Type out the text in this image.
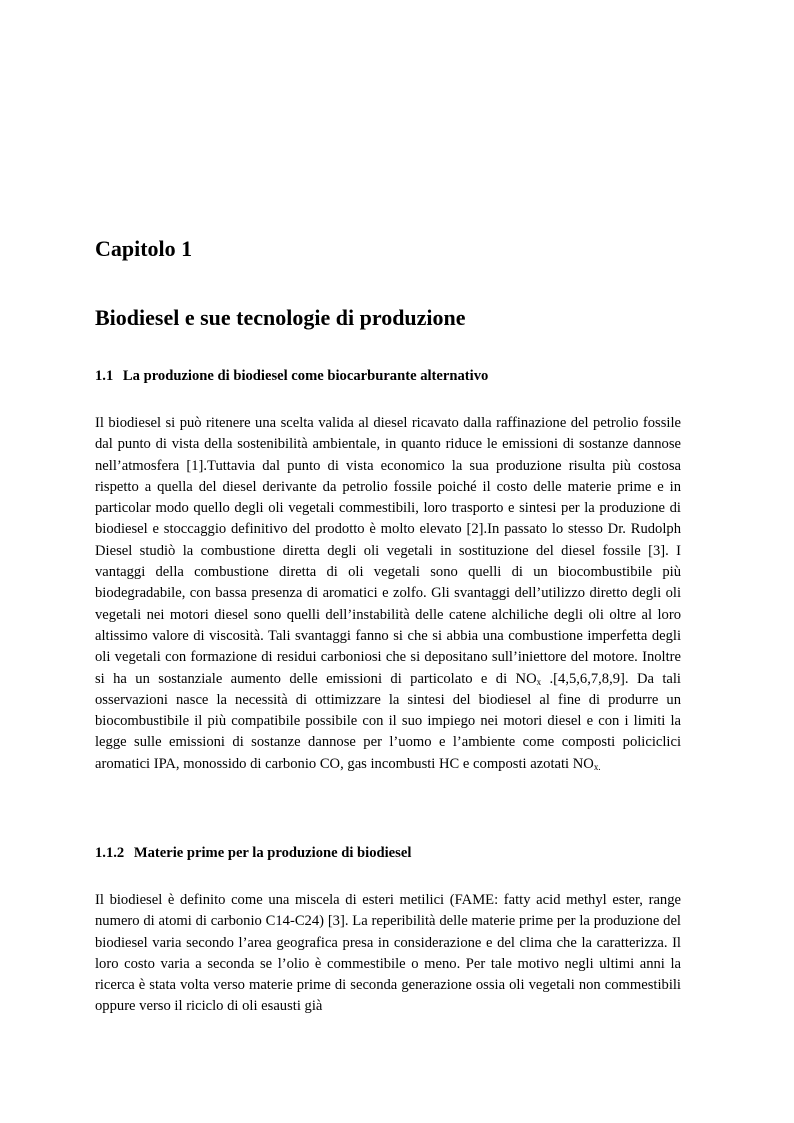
Capitolo 1
Biodiesel e sue tecnologie di produzione
1.1 La produzione di biodiesel come biocarburante alternativo

Il biodiesel si può ritenere una scelta valida al diesel ricavato dalla raffinazione del petrolio fossile dal punto di vista della sostenibilità ambientale, in quanto riduce le emissioni di sostanze dannose nell’atmosfera [1].Tuttavia dal punto di vista economico la sua produzione risulta più costosa rispetto a quella del diesel derivante da petrolio fossile poiché il costo delle materie prime e in particolar modo quello degli oli vegetali commestibili, loro trasporto e sintesi per la produzione di biodiesel e stoccaggio definitivo del prodotto è molto elevato [2].In passato lo stesso Dr. Rudolph Diesel studiò la combustione diretta degli oli vegetali in sostituzione del diesel fossile [3]. I vantaggi della combustione diretta di oli vegetali sono quelli di un biocombustibile più biodegradabile, con bassa presenza di aromatici e zolfo. Gli svantaggi dell’utilizzo diretto degli oli vegetali nei motori diesel sono quelli dell’instabilità delle catene alchiliche degli oli oltre al loro altissimo valore di viscosità. Tali svantaggi fanno si che si abbia una combustione imperfetta degli oli vegetali con formazione di residui carboniosi che si depositano sull’iniettore del motore. Inoltre si ha un sostanziale aumento delle emissioni di particolato e di $NO_x$ .[4,5,6,7,8,9]. Da tali osservazioni nasce la necessità di ottimizzare la sintesi del biodiesel al fine di produrre un biocombustibile il più compatibile possibile con il suo impiego nei motori diesel e con i limiti la legge sulle emissioni di sostanze dannose per l’uomo e l’ambiente come composti policiclici aromatici IPA, monossido di carbonio CO, gas incombusti HC e composti azotati $NO_{x.}$

1.1.2 Materie prime per la produzione di biodiesel

Il biodiesel è definito come una miscela di esteri metilici (FAME: fatty acid methyl ester, range numero di atomi di carbonio C14-C24) [3]. La reperibilità delle materie prime per la produzione del biodiesel varia secondo l’area geografica presa in considerazione e del clima che la caratterizza. Il loro costo varia a seconda se l’olio è commestibile o meno. Per tale motivo negli ultimi anni la ricerca è stata volta verso materie prime di seconda generazione ossia oli vegetali non commestibili oppure verso il riciclo di oli esausti già
